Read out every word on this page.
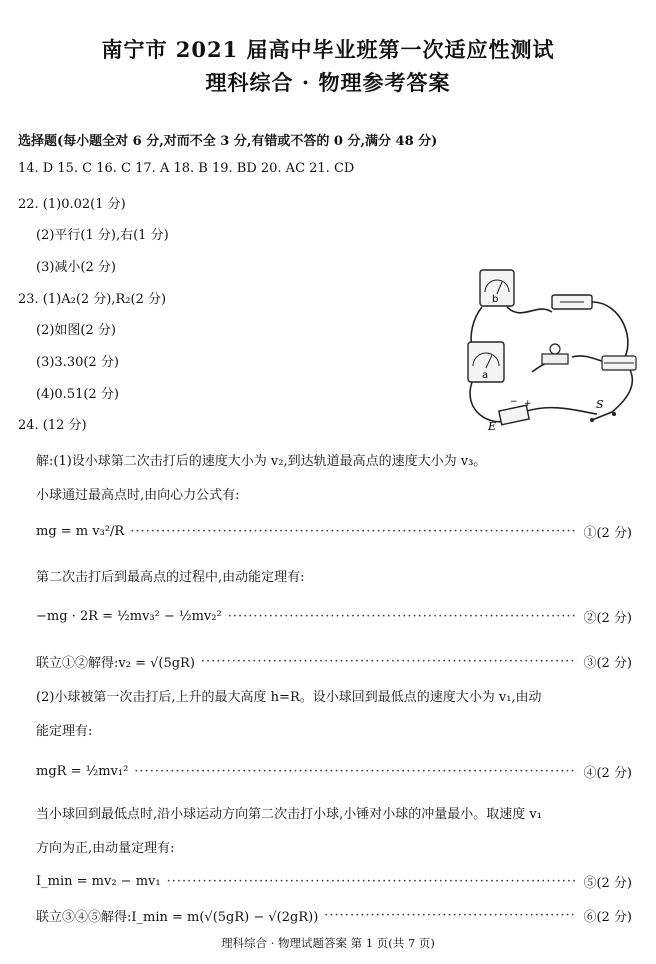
南宁市 2021 届高中毕业班第一次适应性测试
理科综合 · 物理参考答案
选择题(每小题全对 6 分,对而不全 3 分,有错或不答的 0 分,满分 48 分)
14. D 15. C 16. C 17. A 18. B 19. BD 20. AC 21. CD
22. (1)0.02(1 分)
(2)平行(1 分),右(1 分)
(3)减小(2 分)
23. (1)A₂(2 分),R₂(2 分)
(2)如图(2 分)
(3)3.30(2 分)
(4)0.51(2 分)
b
a
+
−
E
S
24. (12 分)
解:(1)设小球第二次击打后的速度大小为 v₂,到达轨道最高点的速度大小为 v₃。
小球通过最高点时,由向心力公式有:
mg = m v₃²/R ·····	①(2 分)
第二次击打后到最高点的过程中,由动能定理有:
−mg · 2R = ½mv₃² − ½mv₂² ·····	②(2 分)
联立①②解得:v₂ = √(5gR) ·····	③(2 分)
(2)小球被第一次击打后,上升的最大高度 h=R。设小球回到最低点的速度大小为 v₁,由动
能定理有:
mgR = ½mv₁² ·····	④(2 分)
当小球回到最低点时,沿小球运动方向第二次击打小球,小锤对小球的冲量最小。取速度 v₁
方向为正,由动量定理有:
I_min = mv₂ − mv₁ ·····	⑤(2 分)
联立③④⑤解得:I_min = m(√(5gR) − √(2gR)) ·····	⑥(2 分)
理科综合 · 物理试题答案 第 1 页(共 7 页)
